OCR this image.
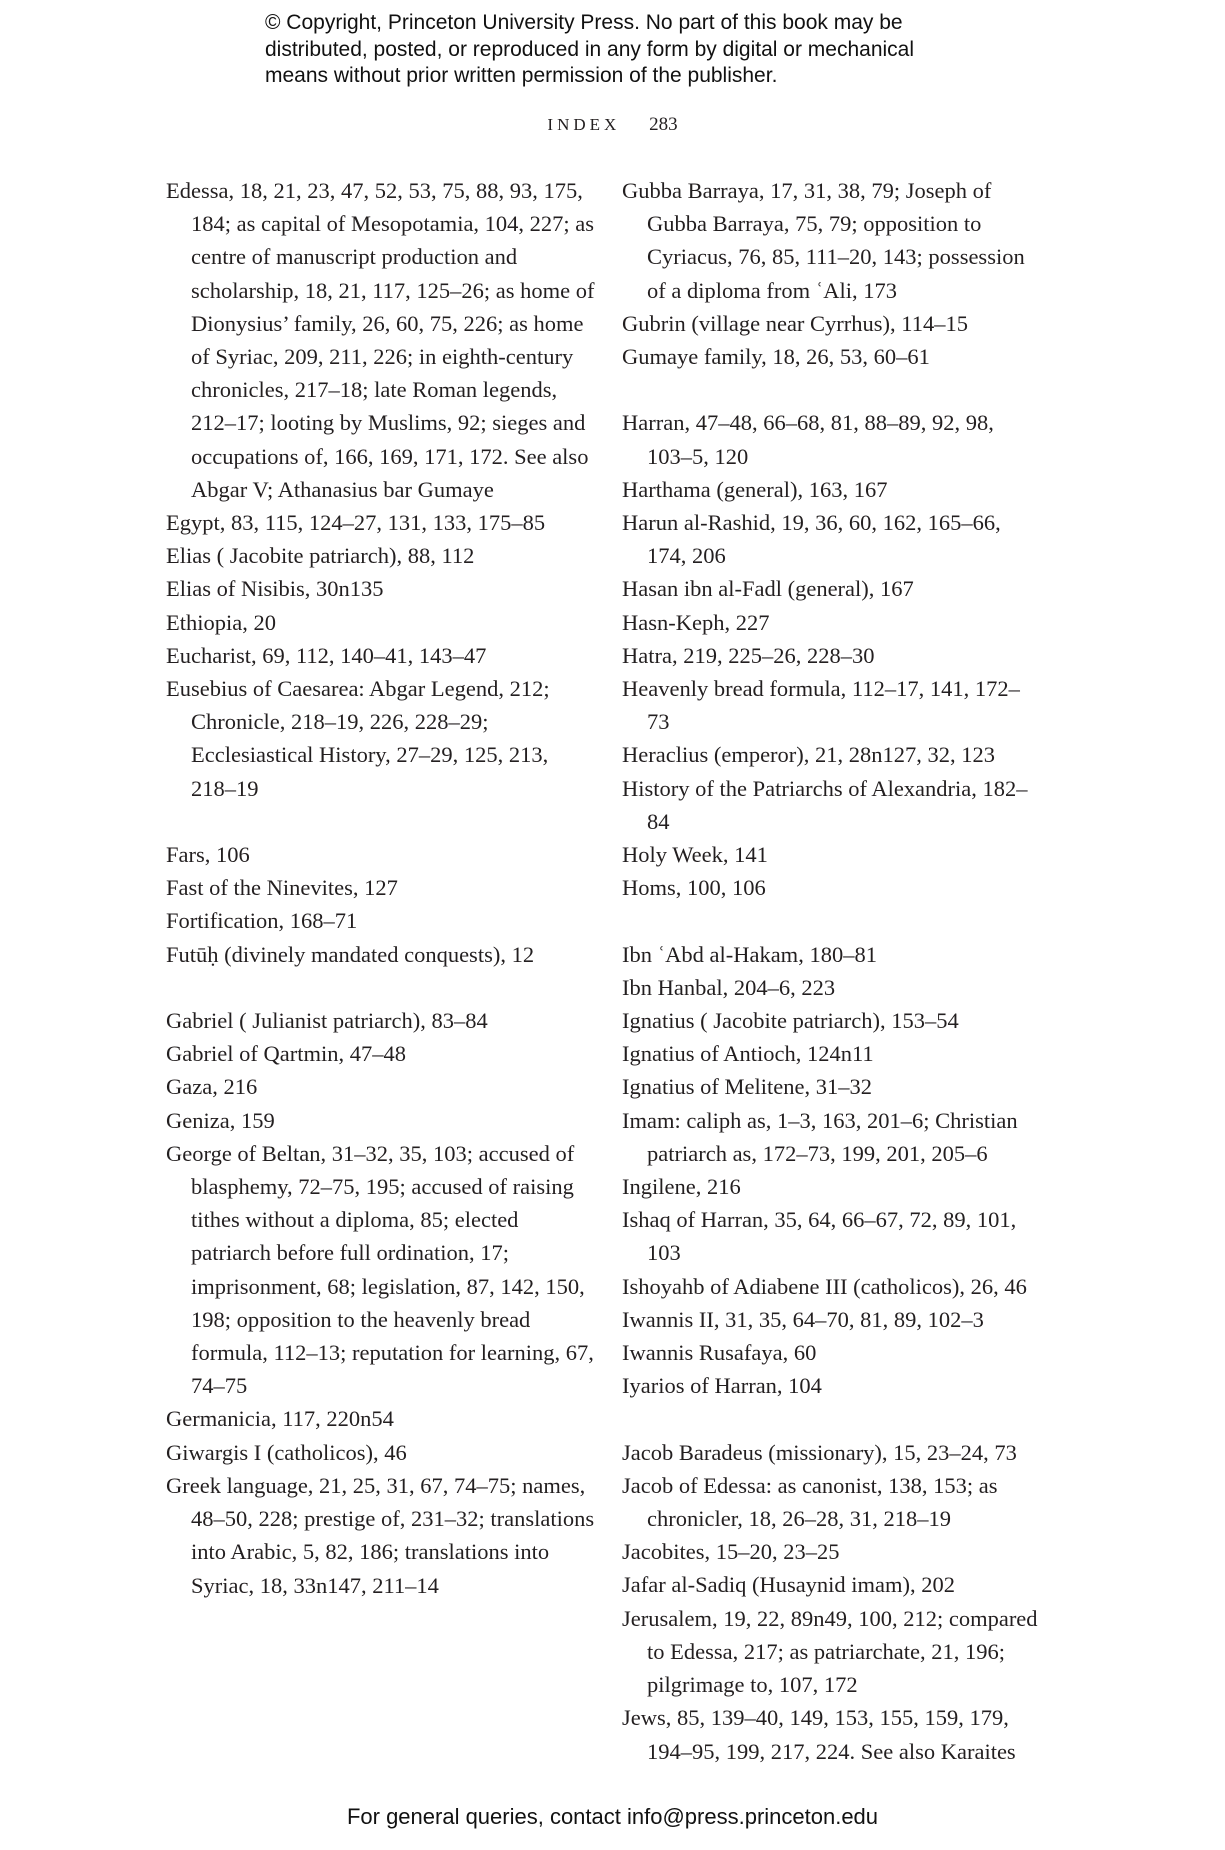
© Copyright, Princeton University Press. No part of this book may be
distributed, posted, or reproduced in any form by digital or mechanical
means without prior written permission of the publisher.
INDEX 283
Edessa, 18, 21, 23, 47, 52, 53, 75, 88, 93, 175, 184; as capital of Mesopotamia, 104, 227; as centre of manuscript production and scholarship, 18, 21, 117, 125–26; as home of Dionysius’ family, 26, 60, 75, 226; as home of Syriac, 209, 211, 226; in eighth-century chronicles, 217–18; late Roman legends, 212–17; looting by Muslims, 92; sieges and occupations of, 166, 169, 171, 172. See also Abgar V; Athanasius bar Gumaye
Egypt, 83, 115, 124–27, 131, 133, 175–85
Elias ( Jacobite patriarch), 88, 112
Elias of Nisibis, 30n135
Ethiopia, 20
Eucharist, 69, 112, 140–41, 143–47
Eusebius of Caesarea: Abgar Legend, 212; Chronicle, 218–19, 226, 228–29; Ecclesiastical History, 27–29, 125, 213, 218–19
Fars, 106
Fast of the Ninevites, 127
Fortification, 168–71
Futūḥ (divinely mandated conquests), 12
Gabriel ( Julianist patriarch), 83–84
Gabriel of Qartmin, 47–48
Gaza, 216
Geniza, 159
George of Beltan, 31–32, 35, 103; accused of blasphemy, 72–75, 195; accused of raising tithes without a diploma, 85; elected patriarch before full ordination, 17; imprisonment, 68; legislation, 87, 142, 150, 198; opposition to the heavenly bread formula, 112–13; reputation for learning, 67, 74–75
Germanicia, 117, 220n54
Giwargis I (catholicos), 46
Greek language, 21, 25, 31, 67, 74–75; names, 48–50, 228; prestige of, 231–32; translations into Arabic, 5, 82, 186; translations into Syriac, 18, 33n147, 211–14
Gubba Barraya, 17, 31, 38, 79; Joseph of Gubba Barraya, 75, 79; opposition to Cyriacus, 76, 85, 111–20, 143; possession of a diploma from ʿAli, 173
Gubrin (village near Cyrrhus), 114–15
Gumaye family, 18, 26, 53, 60–61
Harran, 47–48, 66–68, 81, 88–89, 92, 98, 103–5, 120
Harthama (general), 163, 167
Harun al-Rashid, 19, 36, 60, 162, 165–66, 174, 206
Hasan ibn al-Fadl (general), 167
Hasn-Keph, 227
Hatra, 219, 225–26, 228–30
Heavenly bread formula, 112–17, 141, 172–73
Heraclius (emperor), 21, 28n127, 32, 123
History of the Patriarchs of Alexandria, 182–84
Holy Week, 141
Homs, 100, 106
Ibn ʿAbd al-Hakam, 180–81
Ibn Hanbal, 204–6, 223
Ignatius ( Jacobite patriarch), 153–54
Ignatius of Antioch, 124n11
Ignatius of Melitene, 31–32
Imam: caliph as, 1–3, 163, 201–6; Christian patriarch as, 172–73, 199, 201, 205–6
Ingilene, 216
Ishaq of Harran, 35, 64, 66–67, 72, 89, 101, 103
Ishoyahb of Adiabene III (catholicos), 26, 46
Iwannis II, 31, 35, 64–70, 81, 89, 102–3
Iwannis Rusafaya, 60
Iyarios of Harran, 104
Jacob Baradeus (missionary), 15, 23–24, 73
Jacob of Edessa: as canonist, 138, 153; as chronicler, 18, 26–28, 31, 218–19
Jacobites, 15–20, 23–25
Jafar al-Sadiq (Husaynid imam), 202
Jerusalem, 19, 22, 89n49, 100, 212; compared to Edessa, 217; as patriarchate, 21, 196; pilgrimage to, 107, 172
Jews, 85, 139–40, 149, 153, 155, 159, 179, 194–95, 199, 217, 224. See also Karaites
For general queries, contact info@press.princeton.edu
